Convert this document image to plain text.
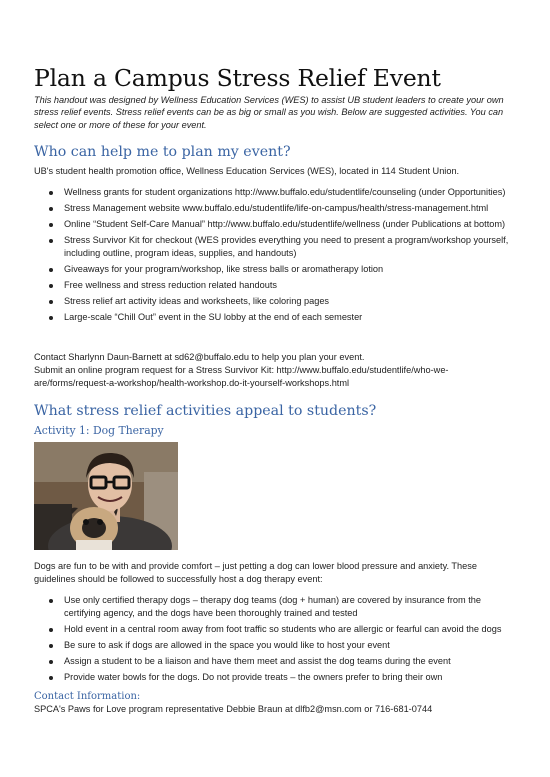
Plan a Campus Stress Relief Event

This handout was designed by Wellness Education Services (WES) to assist UB student leaders to create your own stress relief events. Stress relief events can be as big or small as you wish. Below are suggested activities. You can select one or more of these for your event.

Who can help me to plan my event?

UB's student health promotion office, Wellness Education Services (WES), located in 114 Student Union.

Wellness grants for student organizations http://www.buffalo.edu/studentlife/counseling (under Opportunities)
Stress Management website www.buffalo.edu/studentlife/life-on-campus/health/stress-management.html
Online “Student Self-Care Manual” http://www.buffalo.edu/studentlife/wellness (under Publications at bottom)
Stress Survivor Kit for checkout (WES provides everything you need to present a program/workshop yourself, including outline, program ideas, supplies, and handouts)
Giveaways for your program/workshop, like stress balls or aromatherapy lotion
Free wellness and stress reduction related handouts
Stress relief art activity ideas and worksheets, like coloring pages
Large-scale “Chill Out” event in the SU lobby at the end of each semester

Contact Sharlynn Daun-Barnett at sd62@buffalo.edu to help you plan your event.

Submit an online program request for a Stress Survivor Kit: http://www.buffalo.edu/studentlife/who-we-are/forms/request-a-workshop/health-workshop.do-it-yourself-workshops.html

What stress relief activities appeal to students?
Activity 1: Dog Therapy

Dogs are fun to be with and provide comfort – just petting a dog can lower blood pressure and anxiety. These guidelines should be followed to successfully host a dog therapy event:

Use only certified therapy dogs – therapy dog teams (dog + human) are covered by insurance from the certifying agency, and the dogs have been thoroughly trained and tested
Hold event in a central room away from foot traffic so students who are allergic or fearful can avoid the dogs
Be sure to ask if dogs are allowed in the space you would like to host your event
Assign a student to be a liaison and have them meet and assist the dog teams during the event
Provide water bowls for the dogs. Do not provide treats – the owners prefer to bring their own
Contact Information:

SPCA's Paws for Love program representative Debbie Braun at dlfb2@msn.com or 716-681-0744
